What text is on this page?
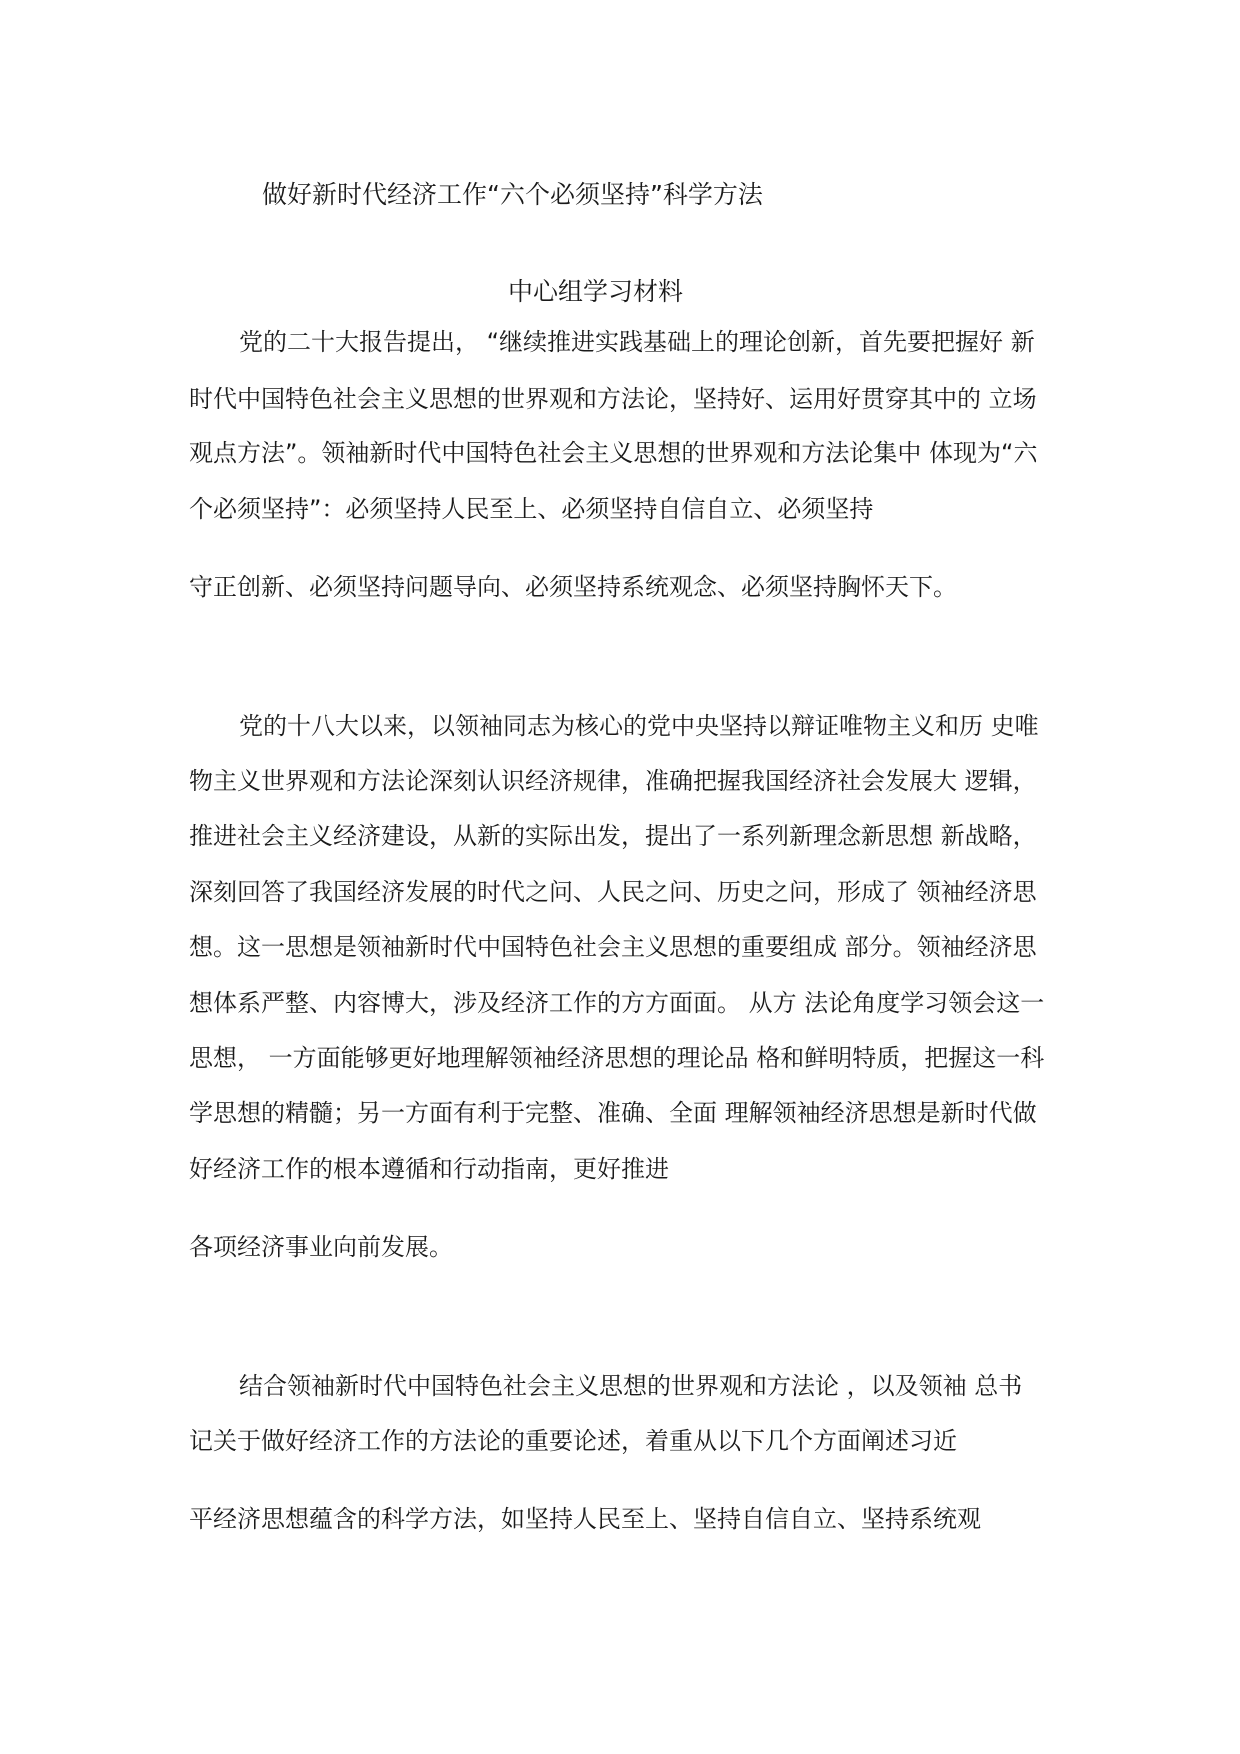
做好新时代经济工作“六个必须坚持”科学方法
中心组学习材料
党的二十大报告提出， “继续推进实践基础上的理论创新，首先要把握好 新
时代中国特色社会主义思想的世界观和方法论，坚持好、运用好贯穿其中的 立场
观点方法”。领袖新时代中国特色社会主义思想的世界观和方法论集中 体现为“六
个必须坚持”：必须坚持人民至上、必须坚持自信自立、必须坚持
守正创新、必须坚持问题导向、必须坚持系统观念、必须坚持胸怀天下。
党的十八大以来，以领袖同志为核心的党中央坚持以辩证唯物主义和历 史唯
物主义世界观和方法论深刻认识经济规律，准确把握我国经济社会发展大 逻辑，
推进社会主义经济建设，从新的实际出发，提出了一系列新理念新思想 新战略，
深刻回答了我国经济发展的时代之问、人民之问、历史之问，形成了 领袖经济思
想。这一思想是领袖新时代中国特色社会主义思想的重要组成 部分。领袖经济思
想体系严整、内容博大，涉及经济工作的方方面面。 从方 法论角度学习领会这一
思想， 一方面能够更好地理解领袖经济思想的理论品 格和鲜明特质，把握这一科
学思想的精髓；另一方面有利于完整、准确、全面 理解领袖经济思想是新时代做
好经济工作的根本遵循和行动指南，更好推进
各项经济事业向前发展。
结合领袖新时代中国特色社会主义思想的世界观和方法论 ，以及领袖 总书
记关于做好经济工作的方法论的重要论述，着重从以下几个方面阐述习近
平经济思想蕴含的科学方法，如坚持人民至上、坚持自信自立、坚持系统观
